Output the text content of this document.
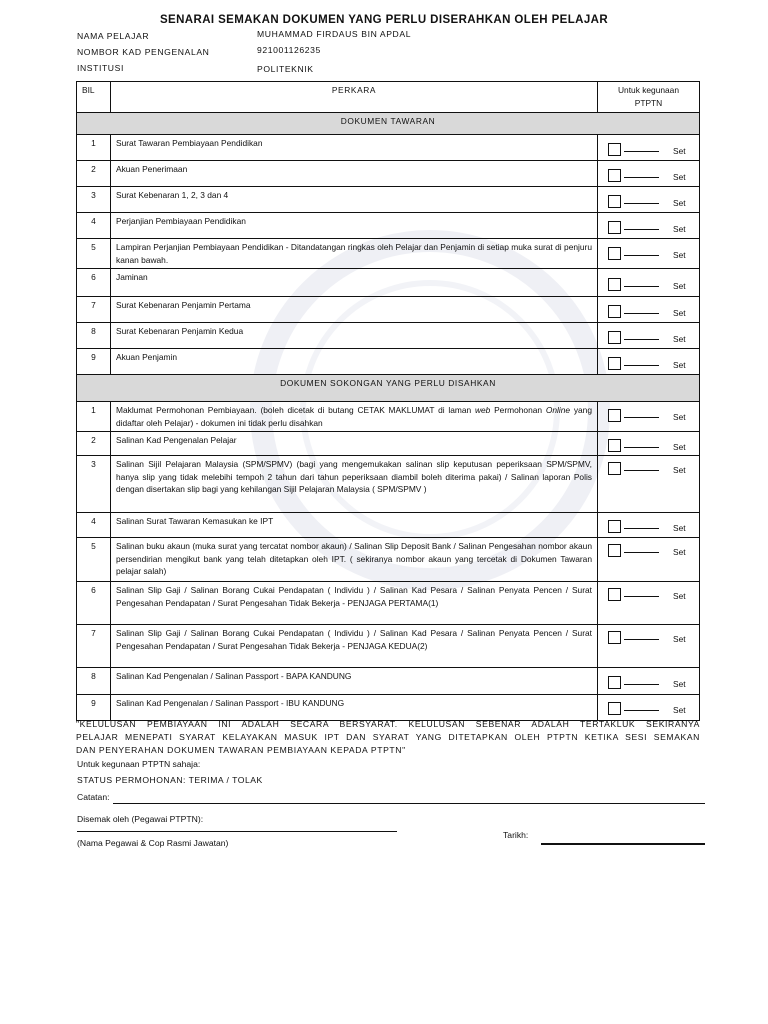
SENARAI SEMAKAN DOKUMEN YANG PERLU DISERAHKAN OLEH PELAJAR
NAMA PELAJAR	MUHAMMAD FIRDAUS BIN APDAL
NOMBOR KAD PENGENALAN	921001126235
INSTITUSI	POLITEKNIK
BIL	PERKARA	Untuk kegunaan
PTPTN
DOKUMEN TAWARAN		
1	Surat Tawaran Pembiayaan Pendidikan	Set

2	Akuan Penerimaan	Set

3	Surat Kebenaran 1, 2, 3 dan 4	Set

4	Perjanjian Pembiayaan Pendidikan	Set

5	Lampiran Perjanjian Pembiayaan Pendidikan - Ditandatangan ringkas oleh Pelajar dan Penjamin di setiap muka surat di penjuru kanan bawah.	Set

6	Jaminan	Set

7	Surat Kebenaran Penjamin Pertama	Set

8	Surat Kebenaran Penjamin Kedua	Set

9	Akuan Penjamin	Set

DOKUMEN SOKONGAN YANG PERLU DISAHKAN		
1	Maklumat Permohonan Pembiayaan. (boleh dicetak di butang CETAK MAKLUMAT di laman web Permohonan Online yang didaftar oleh Pelajar) - dokumen ini tidak perlu disahkan	Set

2	Salinan Kad Pengenalan Pelajar	Set

3	Salinan Sijil Pelajaran Malaysia (SPM/SPMV) (bagi yang mengemukakan salinan slip keputusan peperiksaan SPM/SPMV, hanya slip yang tidak melebihi tempoh 2 tahun dari tahun peperiksaan diambil boleh diterima pakai) / Salinan laporan Polis dengan disertakan slip bagi yang kehilangan Sijil Pelajaran Malaysia ( SPM/SPMV )	Set

4	Salinan Surat Tawaran Kemasukan ke IPT	Set

5	Salinan buku akaun (muka surat yang tercatat nombor akaun) / Salinan Slip Deposit Bank / Salinan Pengesahan nombor akaun persendirian mengikut bank yang telah ditetapkan oleh IPT. ( sekiranya nombor akaun yang tercetak di Dokumen Tawaran pelajar salah)	Set

6	Salinan Slip Gaji / Salinan Borang Cukai Pendapatan ( Individu ) / Salinan Kad Pesara / Salinan Penyata Pencen / Surat Pengesahan Pendapatan / Surat Pengesahan Tidak Bekerja - PENJAGA PERTAMA(1)	Set

7	Salinan Slip Gaji / Salinan Borang Cukai Pendapatan ( Individu ) / Salinan Kad Pesara / Salinan Penyata Pencen / Surat Pengesahan Pendapatan / Surat Pengesahan Tidak Bekerja - PENJAGA KEDUA(2)	Set

8	Salinan Kad Pengenalan / Salinan Passport - BAPA KANDUNG	Set

9	Salinan Kad Pengenalan / Salinan Passport - IBU KANDUNG	Set
"KELULUSAN PEMBIAYAAN INI ADALAH SECARA BERSYARAT. KELULUSAN SEBENAR ADALAH TERTAKLUK SEKIRANYA
PELAJAR MENEPATI SYARAT KELAYAKAN MASUK IPT DAN SYARAT YANG DITETAPKAN OLEH PTPTN KETIKA SESI SEMAKAN
DAN PENYERAHAN DOKUMEN TAWARAN PEMBIAYAAN KEPADA PTPTN"
Untuk kegunaan PTPTN sahaja:
STATUS PERMOHONAN: TERIMA / TOLAK
Catatan:
Disemak oleh (Pegawai PTPTN):
Tarikh:
(Nama Pegawai & Cop Rasmi Jawatan)
